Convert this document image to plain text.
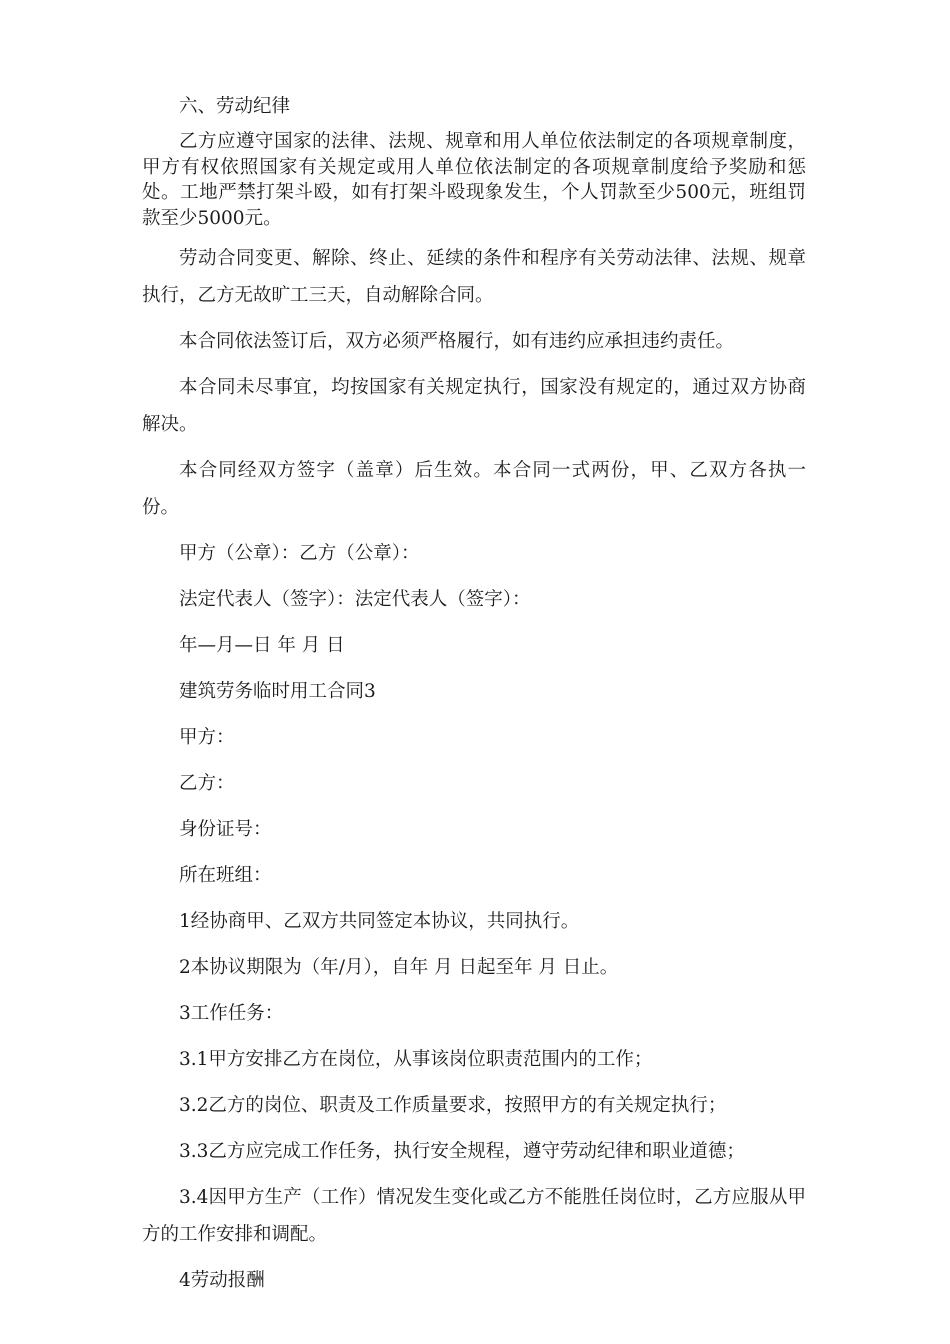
六、劳动纪律

乙方应遵守国家的法律、法规、规章和用人单位依法制定的各项规章制度，甲方有权依照国家有关规定或用人单位依法制定的各项规章制度给予奖励和惩处。工地严禁打架斗殴，如有打架斗殴现象发生，个人罚款至少500元，班组罚款至少5000元。

劳动合同变更、解除、终止、延续的条件和程序有关劳动法律、法规、规章执行，乙方无故旷工三天，自动解除合同。

本合同依法签订后，双方必须严格履行，如有违约应承担违约责任。

本合同未尽事宜，均按国家有关规定执行，国家没有规定的，通过双方协商解决。

本合同经双方签字（盖章）后生效。本合同一式两份，甲、乙双方各执一份。

甲方（公章）：乙方（公章）：

法定代表人（签字）：法定代表人（签字）：

年—月—日 年 月 日

建筑劳务临时用工合同3

甲方：

乙方：

身份证号：

所在班组：

1经协商甲、乙双方共同签定本协议，共同执行。

2本协议期限为（年/月），自年 月 日起至年 月 日止。

3工作任务：

3.1甲方安排乙方在岗位，从事该岗位职责范围内的工作；

3.2乙方的岗位、职责及工作质量要求，按照甲方的有关规定执行；

3.3乙方应完成工作任务，执行安全规程，遵守劳动纪律和职业道德；

3.4因甲方生产（工作）情况发生变化或乙方不能胜任岗位时，乙方应服从甲方的工作安排和调配。

4劳动报酬
